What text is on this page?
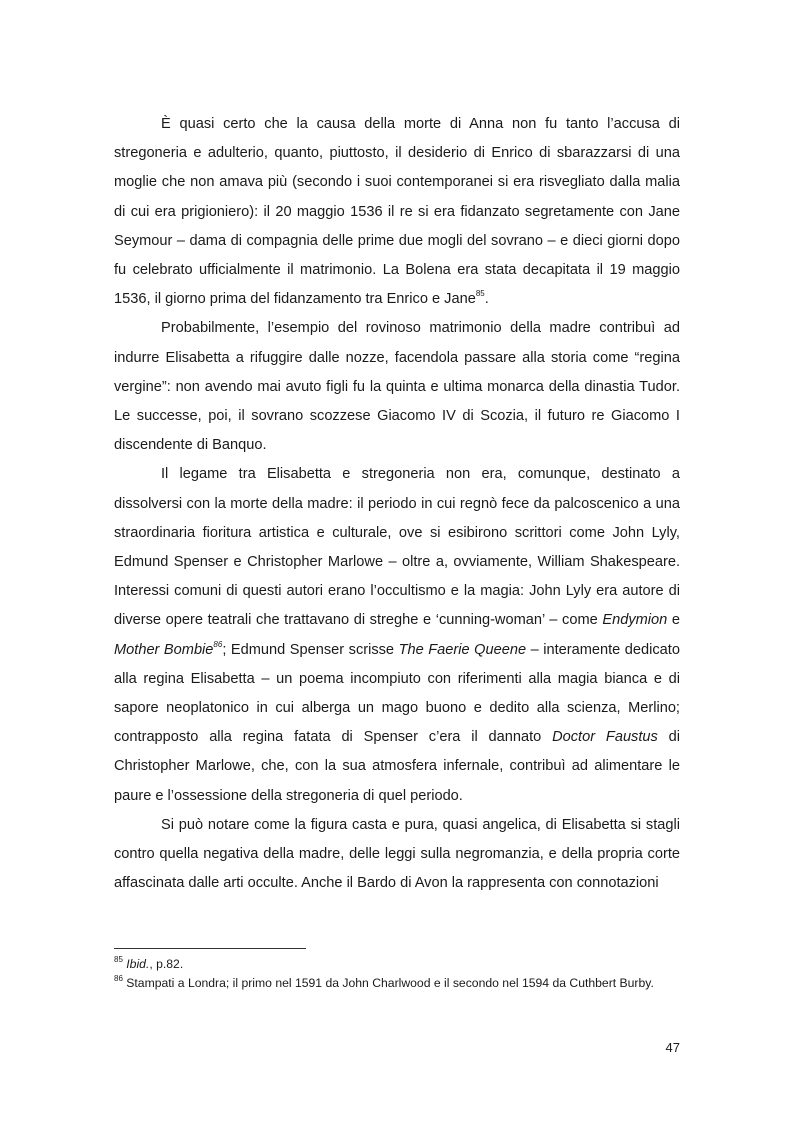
È quasi certo che la causa della morte di Anna non fu tanto l’accusa di stregoneria e adulterio, quanto, piuttosto, il desiderio di Enrico di sbarazzarsi di una moglie che non amava più (secondo i suoi contemporanei si era risvegliato dalla malia di cui era prigioniero): il 20 maggio 1536 il re si era fidanzato segretamente con Jane Seymour – dama di compagnia delle prime due mogli del sovrano – e dieci giorni dopo fu celebrato ufficialmente il matrimonio. La Bolena era stata decapitata il 19 maggio 1536, il giorno prima del fidanzamento tra Enrico e Jane$^{85}$.

Probabilmente, l’esempio del rovinoso matrimonio della madre contribuì ad indurre Elisabetta a rifuggire dalle nozze, facendola passare alla storia come “regina vergine”: non avendo mai avuto figli fu la quinta e ultima monarca della dinastia Tudor. Le successe, poi, il sovrano scozzese Giacomo IV di Scozia, il futuro re Giacomo I discendente di Banquo.

Il legame tra Elisabetta e stregoneria non era, comunque, destinato a dissolversi con la morte della madre: il periodo in cui regnò fece da palcoscenico a una straordinaria fioritura artistica e culturale, ove si esibirono scrittori come John Lyly, Edmund Spenser e Christopher Marlowe – oltre a, ovviamente, William Shakespeare. Interessi comuni di questi autori erano l’occultismo e la magia: John Lyly era autore di diverse opere teatrali che trattavano di streghe e ‘cunning-woman’ – come Endymion e Mother Bombie$^{86}$; Edmund Spenser scrisse The Faerie Queene – interamente dedicato alla regina Elisabetta – un poema incompiuto con riferimenti alla magia bianca e di sapore neoplatonico in cui alberga un mago buono e dedito alla scienza, Merlino; contrapposto alla regina fatata di Spenser c’era il dannato Doctor Faustus di Christopher Marlowe, che, con la sua atmosfera infernale, contribuì ad alimentare le paure e l’ossessione della stregoneria di quel periodo.

Si può notare come la figura casta e pura, quasi angelica, di Elisabetta si stagli contro quella negativa della madre, delle leggi sulla negromanzia, e della propria corte affascinata dalle arti occulte. Anche il Bardo di Avon la rappresenta con connotazioni

$^{85}$ Ibid., p.82.

$^{86}$ Stampati a Londra; il primo nel 1591 da John Charlwood e il secondo nel 1594 da Cuthbert Burby.

47
